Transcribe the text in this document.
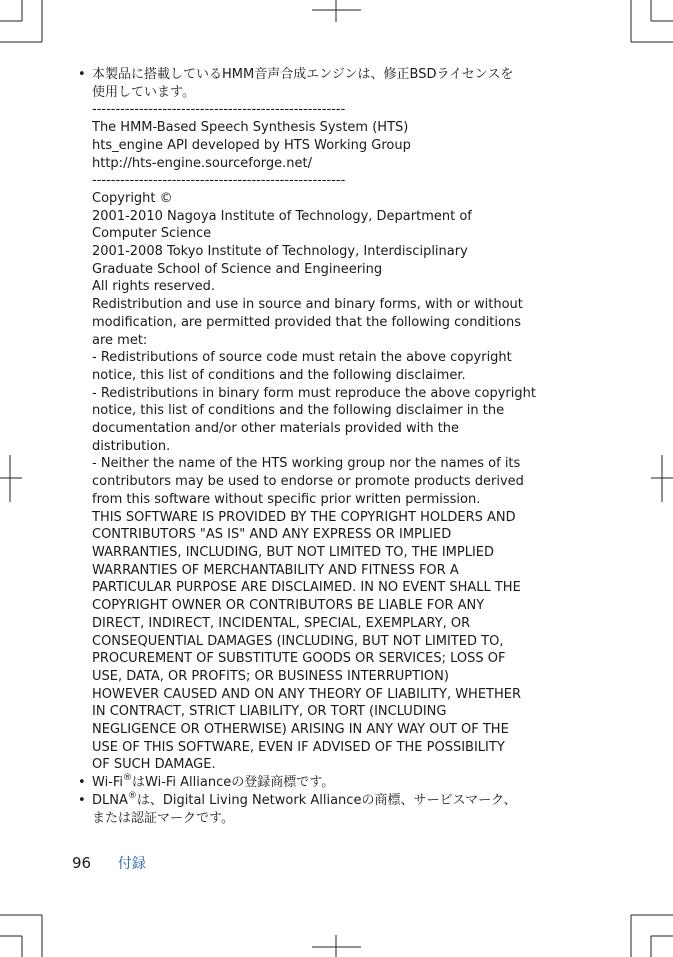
• 本製品に搭載しているHMM音声合成エンジンは、修正BSDライセンスを
使用しています。
------------------------------------------------------
The HMM-Based Speech Synthesis System (HTS)
hts_engine API developed by HTS Working Group
http://hts-engine.sourceforge.net/
------------------------------------------------------
Copyright ©
2001-2010 Nagoya Institute of Technology, Department of
Computer Science
2001-2008 Tokyo Institute of Technology, Interdisciplinary
Graduate School of Science and Engineering
All rights reserved.
Redistribution and use in source and binary forms, with or without
modification, are permitted provided that the following conditions
are met:
- Redistributions of source code must retain the above copyright
notice, this list of conditions and the following disclaimer.
- Redistributions in binary form must reproduce the above copyright
notice, this list of conditions and the following disclaimer in the
documentation and/or other materials provided with the
distribution.
- Neither the name of the HTS working group nor the names of its
contributors may be used to endorse or promote products derived
from this software without specific prior written permission.
THIS SOFTWARE IS PROVIDED BY THE COPYRIGHT HOLDERS AND
CONTRIBUTORS "AS IS" AND ANY EXPRESS OR IMPLIED
WARRANTIES, INCLUDING, BUT NOT LIMITED TO, THE IMPLIED
WARRANTIES OF MERCHANTABILITY AND FITNESS FOR A
PARTICULAR PURPOSE ARE DISCLAIMED. IN NO EVENT SHALL THE
COPYRIGHT OWNER OR CONTRIBUTORS BE LIABLE FOR ANY
DIRECT, INDIRECT, INCIDENTAL, SPECIAL, EXEMPLARY, OR
CONSEQUENTIAL DAMAGES (INCLUDING, BUT NOT LIMITED TO,
PROCUREMENT OF SUBSTITUTE GOODS OR SERVICES; LOSS OF
USE, DATA, OR PROFITS; OR BUSINESS INTERRUPTION)
HOWEVER CAUSED AND ON ANY THEORY OF LIABILITY, WHETHER
IN CONTRACT, STRICT LIABILITY, OR TORT (INCLUDING
NEGLIGENCE OR OTHERWISE) ARISING IN ANY WAY OUT OF THE
USE OF THIS SOFTWARE, EVEN IF ADVISED OF THE POSSIBILITY
OF SUCH DAMAGE.
• Wi-Fi®はWi-Fi Allianceの登録商標です。
• DLNA®は、Digital Living Network Allianceの商標、サービスマーク、
または認証マークです。
96 付録
